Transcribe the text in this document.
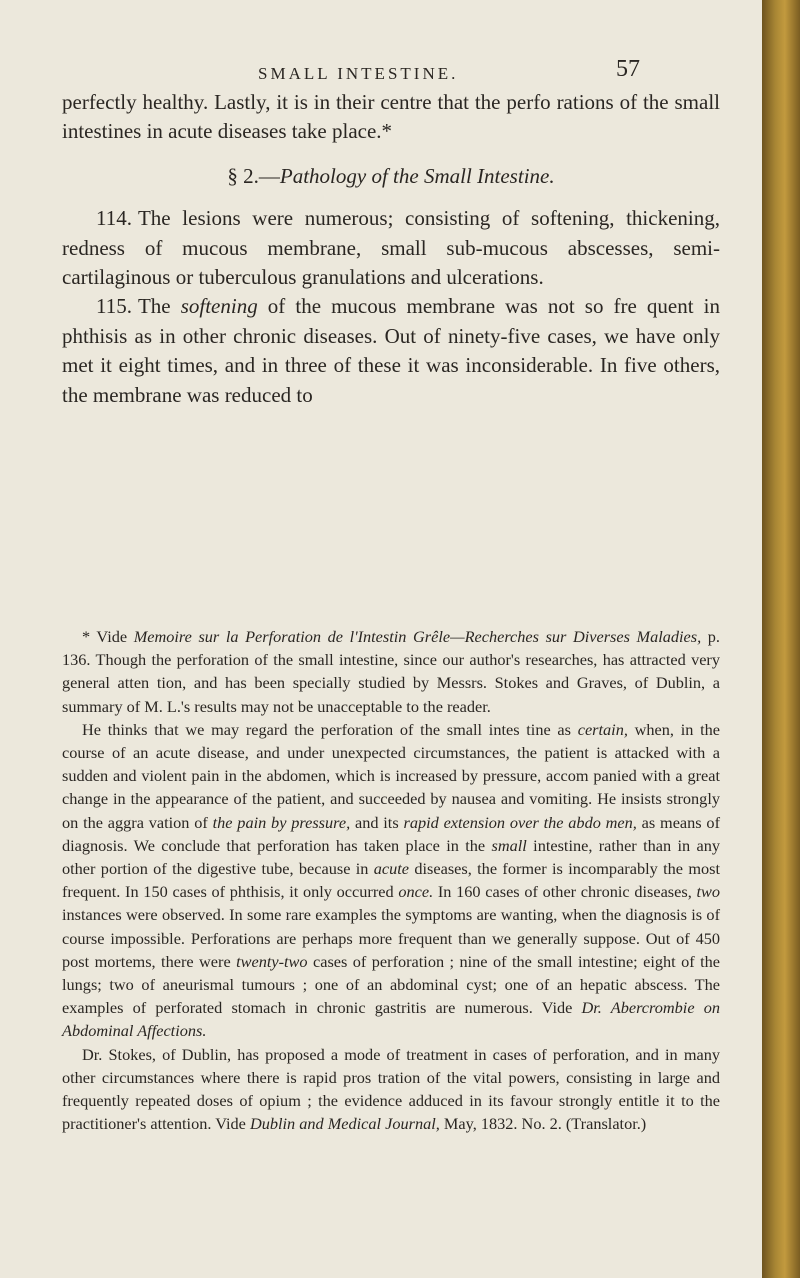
SMALL INTESTINE.	57

perfectly healthy. Lastly, it is in their centre that the perfo rations of the small intestines in acute diseases take place.*

§ 2.—Pathology of the Small Intestine.

114. The lesions were numerous; consisting of softening, thickening, redness of mucous membrane, small sub-mucous abscesses, semi-cartilaginous or tuberculous granulations and ulcerations.

115. The softening of the mucous membrane was not so fre quent in phthisis as in other chronic diseases. Out of ninety-five cases, we have only met it eight times, and in three of these it was inconsiderable. In five others, the membrane was reduced to

* Vide Memoire sur la Perforation de l'Intestin Grêle—Recherches sur Diverses Maladies, p. 136. Though the perforation of the small intestine, since our author's researches, has attracted very general atten tion, and has been specially studied by Messrs. Stokes and Graves, of Dublin, a summary of M. L.'s results may not be unacceptable to the reader.

He thinks that we may regard the perforation of the small intes tine as certain, when, in the course of an acute disease, and under unexpected circumstances, the patient is attacked with a sudden and violent pain in the abdomen, which is increased by pressure, accom panied with a great change in the appearance of the patient, and succeeded by nausea and vomiting. He insists strongly on the aggra vation of the pain by pressure, and its rapid extension over the abdo men, as means of diagnosis. We conclude that perforation has taken place in the small intestine, rather than in any other portion of the digestive tube, because in acute diseases, the former is incomparably the most frequent. In 150 cases of phthisis, it only occurred once. In 160 cases of other chronic diseases, two instances were observed. In some rare examples the symptoms are wanting, when the diagnosis is of course impossible. Perforations are perhaps more frequent than we generally suppose. Out of 450 post mortems, there were twenty-two cases of perforation ; nine of the small intestine; eight of the lungs; two of aneurismal tumours ; one of an abdominal cyst; one of an hepatic abscess. The examples of perforated stomach in chronic gastritis are numerous. Vide Dr. Abercrombie on Abdominal Affections.

Dr. Stokes, of Dublin, has proposed a mode of treatment in cases of perforation, and in many other circumstances where there is rapid pros tration of the vital powers, consisting in large and frequently repeated doses of opium ; the evidence adduced in its favour strongly entitle it to the practitioner's attention. Vide Dublin and Medical Journal, May, 1832. No. 2. (Translator.)
